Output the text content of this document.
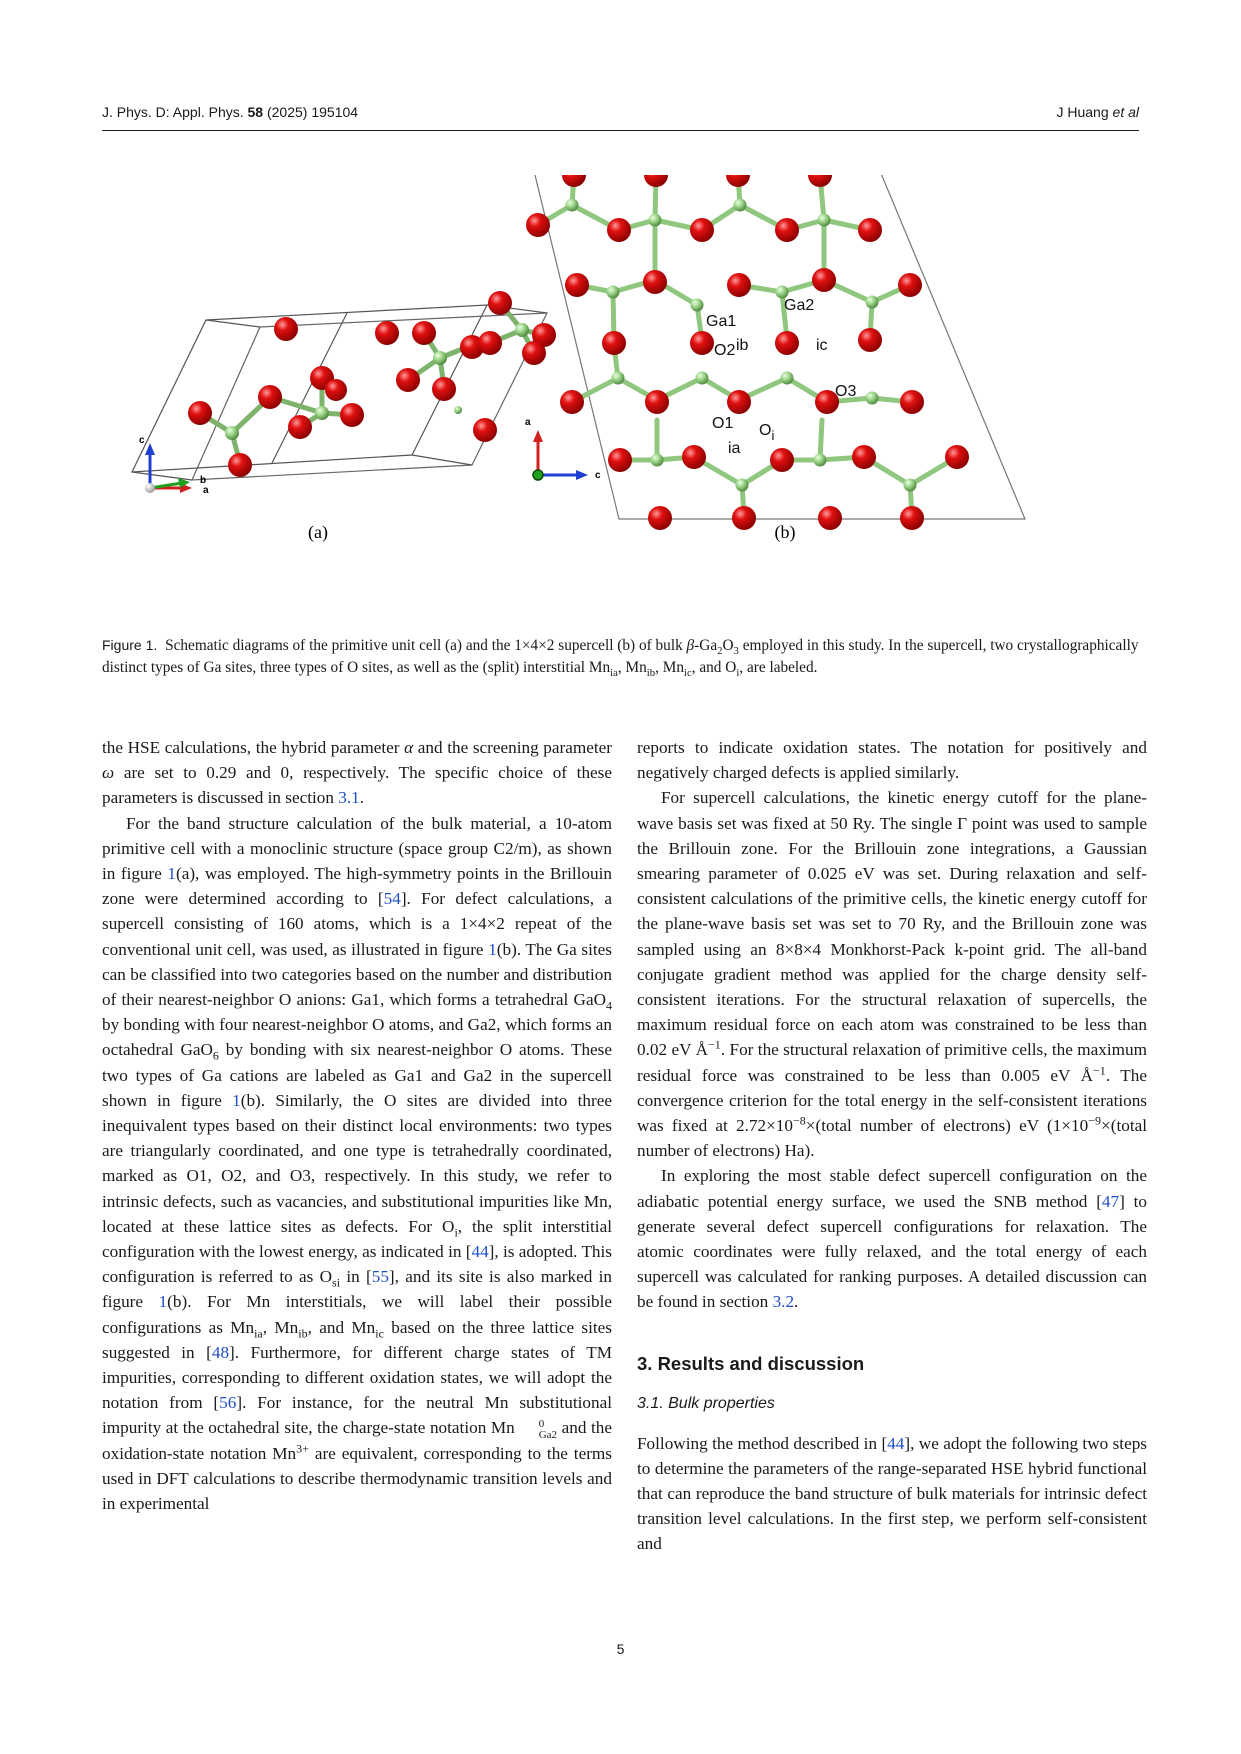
J. Phys. D: Appl. Phys. 58 (2025) 195104	J Huang et al
c
b
a
(a)
Ga1
Ga2
O2 ib	ic
O3
O1 $O_i$
ia
a
c
(b)
Figure 1. Schematic diagrams of the primitive unit cell (a) and the 1×4×2 supercell (b) of bulk $\beta-Ga_2O_3$ employed in this study. In the supercell, two crystallographically distinct types of Ga sites, three types of O sites, as well as the (split) interstitial $Mn_{ia}$, $Mn_{ib}$, $Mn_{ic}$, and $O_i$, are labeled.

the HSE calculations, the hybrid parameter α and the screening parameter ω are set to 0.29 and 0, respectively. The specific choice of these parameters is discussed in section 3.1.

For the band structure calculation of the bulk material, a 10-atom primitive cell with a monoclinic structure (space group C2/m), as shown in figure 1(a), was employed. The high-symmetry points in the Brillouin zone were determined according to [54]. For defect calculations, a supercell consisting of 160 atoms, which is a 1×4×2 repeat of the conventional unit cell, was used, as illustrated in figure 1(b). The Ga sites can be classified into two categories based on the number and distribution of their nearest-neighbor O anions: Ga1, which forms a tetrahedral GaO$_4$ by bonding with four nearest-neighbor O atoms, and Ga2, which forms an octahedral GaO$_6$ by bonding with six nearest-neighbor O atoms. These two types of Ga cations are labeled as Ga1 and Ga2 in the supercell shown in figure 1(b). Similarly, the O sites are divided into three inequivalent types based on their distinct local environments: two types are triangularly coordinated, and one type is tetrahedrally coordinated, marked as O1, O2, and O3, respectively. In this study, we refer to intrinsic defects, such as vacancies, and substitutional impurities like Mn, located at these lattice sites as defects. For $O_i$, the split interstitial configuration with the lowest energy, as indicated in [44], is adopted. This configuration is referred to as $O_{si}$ in [55], and its site is also marked in figure 1(b). For Mn interstitials, we will label their possible configurations as $Mn_{ia}$, $Mn_{ib}$, and $Mn_{ic}$ based on the three lattice sites suggested in [48]. Furthermore, for different charge states of TM impurities, corresponding to different oxidation states, we will adopt the notation from [56]. For instance, for the neutral Mn substitutional impurity at the octahedral site, the charge-state notation Mn	0
Ga2 and the oxidation-state notation $Mn^{3+}$ are equivalent, corresponding to the terms used in DFT calculations to describe thermodynamic transition levels and in experimental

reports to indicate oxidation states. The notation for positively and negatively charged defects is applied similarly.

For supercell calculations, the kinetic energy cutoff for the plane-wave basis set was fixed at 50 Ry. The single Γ point was used to sample the Brillouin zone. For the Brillouin zone integrations, a Gaussian smearing parameter of 0.025 eV was set. During relaxation and self-consistent calculations of the primitive cells, the kinetic energy cutoff for the plane-wave basis set was set to 70 Ry, and the Brillouin zone was sampled using an 8×8×4 Monkhorst-Pack k-point grid. The all-band conjugate gradient method was applied for the charge density self-consistent iterations. For the structural relaxation of supercells, the maximum residual force on each atom was constrained to be less than 0.02 eV $Å^{-1}$. For the structural relaxation of primitive cells, the maximum residual force was constrained to be less than 0.005 eV $Å^{-1}$. The convergence criterion for the total energy in the self-consistent iterations was fixed at $2.72\times 10^{-8}\times(total$ number of electrons) eV ($1\times 10^{-9}\times(total$ number of electrons) Ha).

In exploring the most stable defect supercell configuration on the adiabatic potential energy surface, we used the SNB method [47] to generate several defect supercell configurations for relaxation. The atomic coordinates were fully relaxed, and the total energy of each supercell was calculated for ranking purposes. A detailed discussion can be found in section 3.2.

3. Results and discussion
3.1. Bulk properties

Following the method described in [44], we adopt the following two steps to determine the parameters of the range-separated HSE hybrid functional that can reproduce the band structure of bulk materials for intrinsic defect transition level calculations. In the first step, we perform self-consistent and

5
